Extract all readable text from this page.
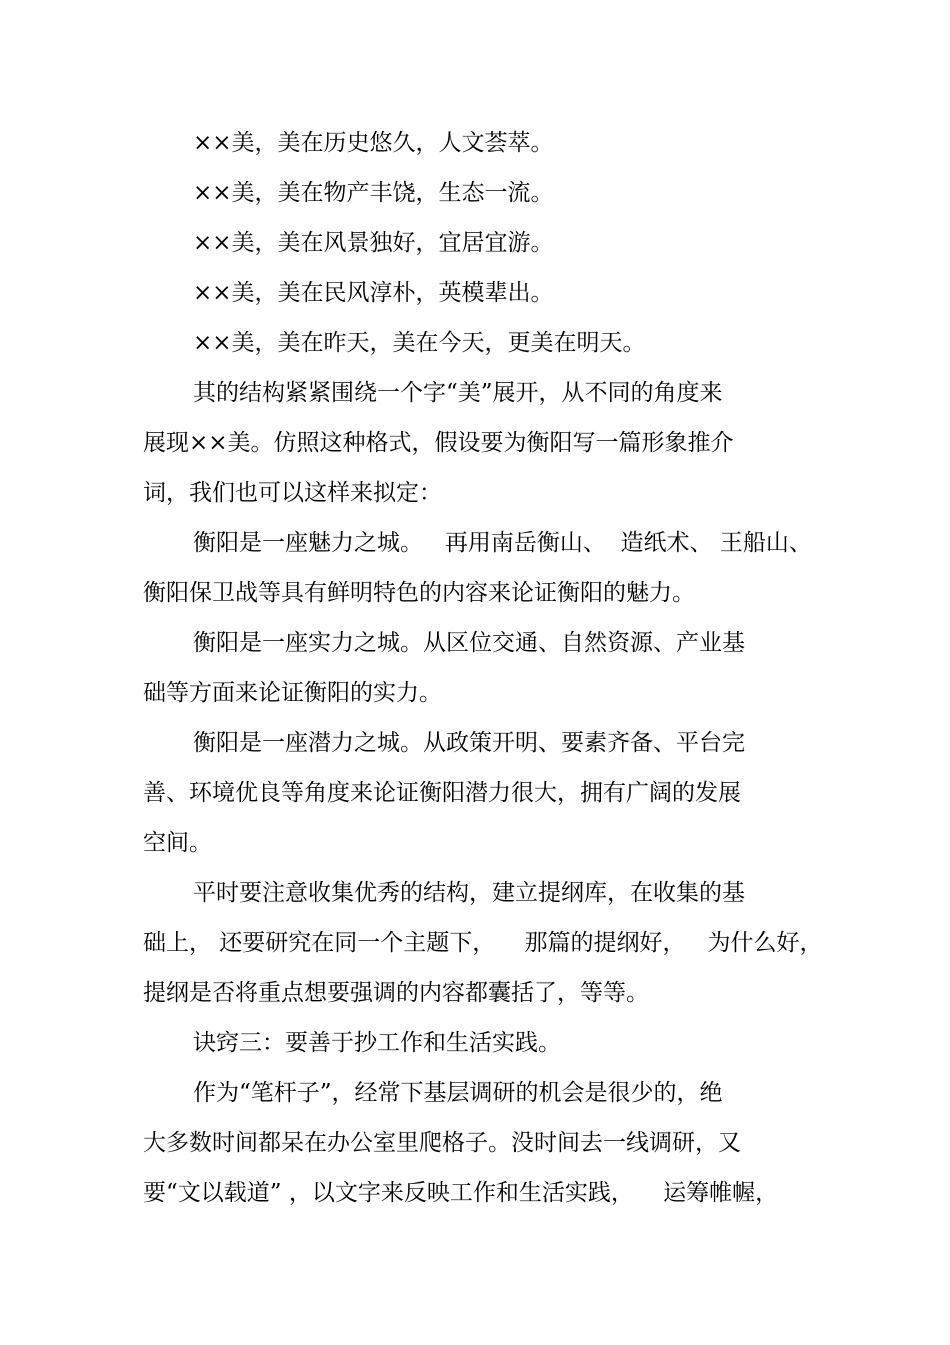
××美，美在历史悠久，人文荟萃。
××美，美在物产丰饶，生态一流。
××美，美在风景独好，宜居宜游。
××美，美在民风淳朴，英模辈出。
××美，美在昨天，美在今天，更美在明天。
其的结构紧紧围绕一个字“美”展开，从不同的角度来
展现××美。仿照这种格式，假设要为衡阳写一篇形象推介
词，我们也可以这样来拟定：
衡阳是一座魅力之城。   再用南岳衡山、  造纸术、 王船山、
衡阳保卫战等具有鲜明特色的内容来论证衡阳的魅力。
衡阳是一座实力之城。从区位交通、自然资源、产业基
础等方面来论证衡阳的实力。
衡阳是一座潜力之城。从政策开明、要素齐备、平台完
善、环境优良等角度来论证衡阳潜力很大，拥有广阔的发展
空间。
平时要注意收集优秀的结构，建立提纲库，在收集的基
础上， 还要研究在同一个主题下，    那篇的提纲好，   为什么好，
提纲是否将重点想要强调的内容都囊括了，等等。
诀窍三：要善于抄工作和生活实践。
作为“笔杆子”，经常下基层调研的机会是很少的，绝
大多数时间都呆在办公室里爬格子。没时间去一线调研，又
要“文以载道” ，以文字来反映工作和生活实践，    运筹帷幄，
